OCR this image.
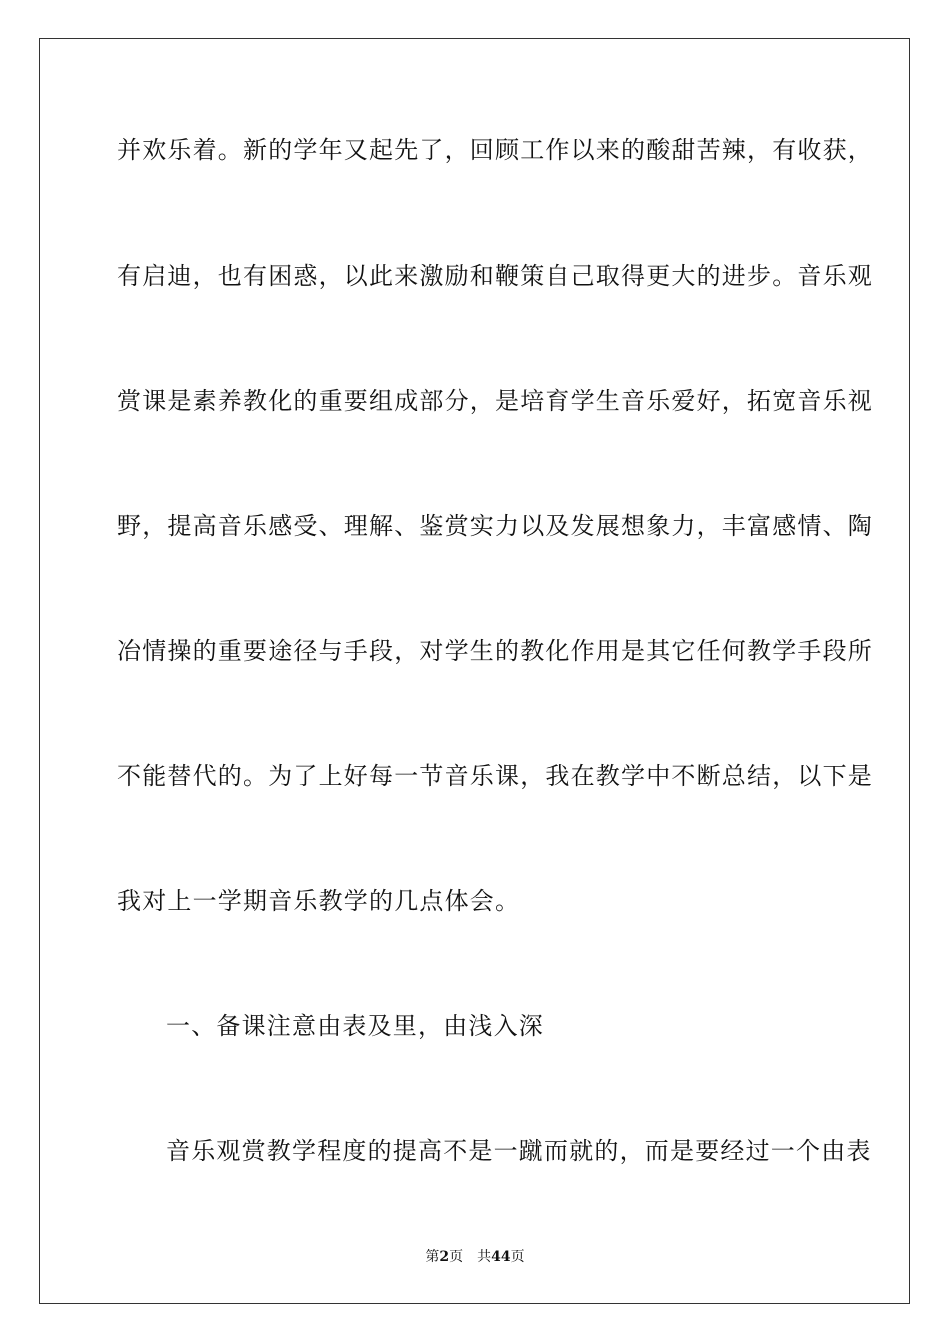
并欢乐着。新的学年又起先了，回顾工作以来的酸甜苦辣，有收获，
有启迪，也有困惑，以此来激励和鞭策自己取得更大的进步。音乐观
赏课是素养教化的重要组成部分，是培育学生音乐爱好，拓宽音乐视
野，提高音乐感受、理解、鉴赏实力以及发展想象力，丰富感情、陶
冶情操的重要途径与手段，对学生的教化作用是其它任何教学手段所
不能替代的。为了上好每一节音乐课，我在教学中不断总结，以下是
我对上一学期音乐教学的几点体会。
一、备课注意由表及里，由浅入深
音乐观赏教学程度的提高不是一蹴而就的，而是要经过一个由表
第2页 共44页
